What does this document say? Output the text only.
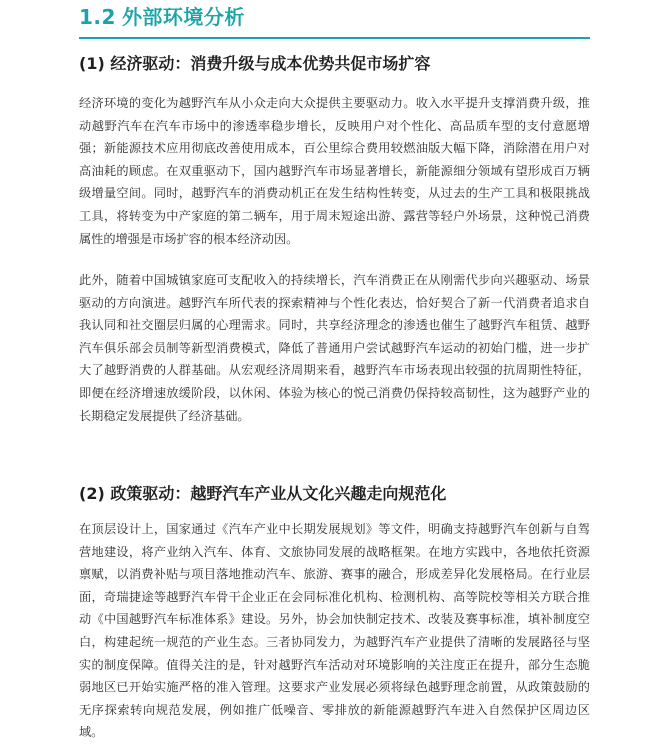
1.2 外部环境分析
(1) 经济驱动：消费升级与成本优势共促市场扩容

经济环境的变化为越野汽车从小众走向大众提供主要驱动力。收入水平提升支撑消费升级，推动越野汽车在汽车市场中的渗透率稳步增长，反映用户对个性化、高品质车型的支付意愿增强；新能源技术应用彻底改善使用成本，百公里综合费用较燃油版大幅下降，消除潜在用户对高油耗的顾虑。在双重驱动下，国内越野汽车市场显著增长，新能源细分领域有望形成百万辆级增量空间。同时，越野汽车的消费动机正在发生结构性转变，从过去的生产工具和极限挑战工具，将转变为中产家庭的第二辆车，用于周末短途出游、露营等轻户外场景，这种悦己消费属性的增强是市场扩容的根本经济动因。

此外，随着中国城镇家庭可支配收入的持续增长，汽车消费正在从刚需代步向兴趣驱动、场景驱动的方向演进。越野汽车所代表的探索精神与个性化表达，恰好契合了新一代消费者追求自我认同和社交圈层归属的心理需求。同时，共享经济理念的渗透也催生了越野汽车租赁、越野汽车俱乐部会员制等新型消费模式，降低了普通用户尝试越野汽车运动的初始门槛，进一步扩大了越野消费的人群基础。从宏观经济周期来看，越野汽车市场表现出较强的抗周期性特征，即便在经济增速放缓阶段，以休闲、体验为核心的悦己消费仍保持较高韧性，这为越野产业的长期稳定发展提供了经济基础。

(2) 政策驱动：越野汽车产业从文化兴趣走向规范化

在顶层设计上，国家通过《汽车产业中长期发展规划》等文件，明确支持越野汽车创新与自驾营地建设，将产业纳入汽车、体育、文旅协同发展的战略框架。在地方实践中，各地依托资源禀赋，以消费补贴与项目落地推动汽车、旅游、赛事的融合，形成差异化发展格局。在行业层面，奇瑞捷途等越野汽车骨干企业正在会同标准化机构、检测机构、高等院校等相关方联合推动《中国越野汽车标准体系》建设。另外，协会加快制定技术、改装及赛事标准，填补制度空白，构建起统一规范的产业生态。三者协同发力，为越野汽车产业提供了清晰的发展路径与坚实的制度保障。值得关注的是，针对越野汽车活动对环境影响的关注度正在提升，部分生态脆弱地区已开始实施严格的准入管理。这要求产业发展必须将绿色越野理念前置，从政策鼓励的无序探索转向规范发展，例如推广低噪音、零排放的新能源越野汽车进入自然保护区周边区域。
